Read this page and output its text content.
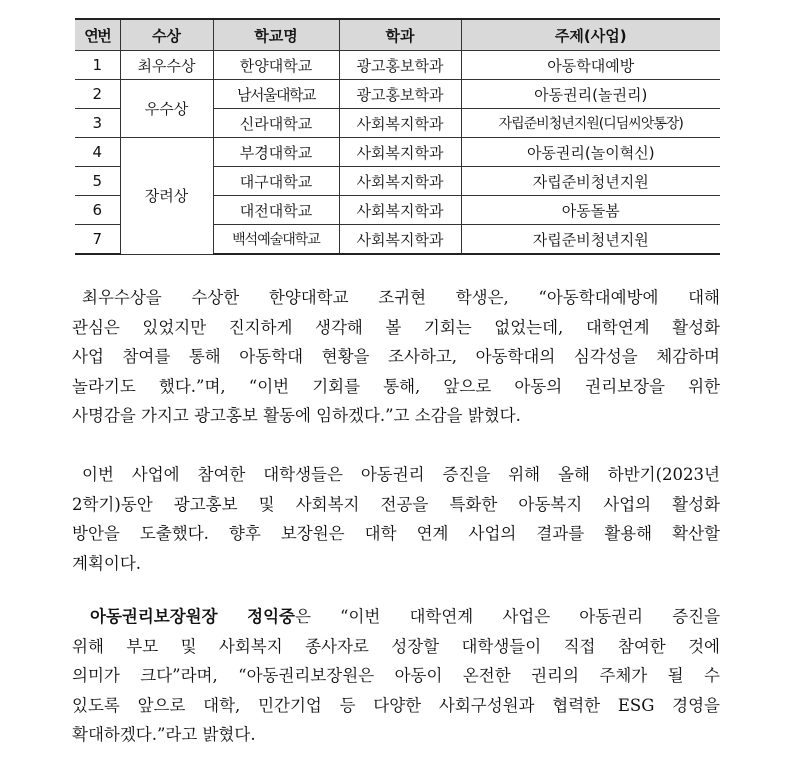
연번	수상	학교명	학과	주제(사업)
1	최우수상	한양대학교	광고홍보학과	아동학대예방
2	우수상	남서울대학교	광고홍보학과	아동권리(놀권리)
3		신라대학교	사회복지학과	자립준비청년지원(디딤씨앗통장)
4	장려상	부경대학교	사회복지학과	아동권리(놀이혁신)
5		대구대학교	사회복지학과	자립준비청년지원
6		대전대학교	사회복지학과	아동돌봄
7		백석예술대학교	사회복지학과	자립준비청년지원
최우수상을 수상한 한양대학교 조귀현 학생은, “아동학대예방에 대해
관심은 있었지만 진지하게 생각해 볼 기회는 없었는데, 대학연계 활성화
사업 참여를 통해 아동학대 현황을 조사하고, 아동학대의 심각성을 체감하며
놀라기도 했다.”며, “이번 기회를 통해, 앞으로 아동의 권리보장을 위한
사명감을 가지고 광고홍보 활동에 임하겠다.”고 소감을 밝혔다.
이번 사업에 참여한 대학생들은 아동권리 증진을 위해 올해 하반기(2023년
2학기)동안 광고홍보 및 사회복지 전공을 특화한 아동복지 사업의 활성화
방안을 도출했다. 향후 보장원은 대학 연계 사업의 결과를 활용해 확산할
계획이다.
아동권리보장원장 정익중은 “이번 대학연계 사업은 아동권리 증진을
위해 부모 및 사회복지 종사자로 성장할 대학생들이 직접 참여한 것에
의미가 크다”라며, “아동권리보장원은 아동이 온전한 권리의 주체가 될 수
있도록 앞으로 대학, 민간기업 등 다양한 사회구성원과 협력한 ESG 경영을
확대하겠다.”라고 밝혔다.
